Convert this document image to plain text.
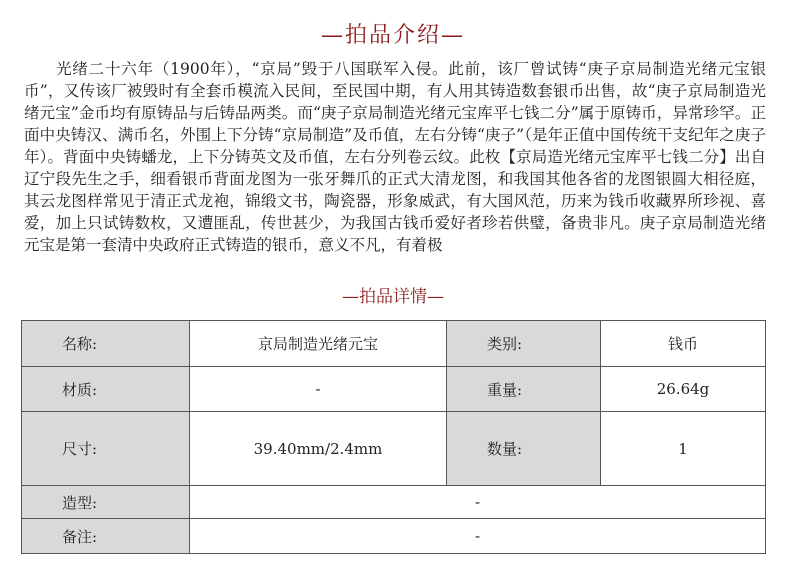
—拍品介绍—
光绪二十六年（1900年），“京局”毁于八国联军入侵。此前，该厂曾试铸“庚子京局制造光绪元宝银币”，又传该厂被毁时有全套币模流入民间，至民国中期，有人用其铸造数套银币出售，故“庚子京局制造光绪元宝”金币均有原铸品与后铸品两类。而“庚子京局制造光绪元宝库平七钱二分”属于原铸币，异常珍罕。正面中央铸汉、满币名，外围上下分铸“京局制造”及币值，左右分铸“庚子”（是年正值中国传统干支纪年之庚子年）。背面中央铸蟠龙，上下分铸英文及币值，左右分列卷云纹。此枚【京局造光绪元宝库平七钱二分】出自辽宁段先生之手，细看银币背面龙图为一张牙舞爪的正式大清龙图，和我国其他各省的龙图银圆大相径庭，其云龙图样常见于清正式龙袍，锦缎文书，陶瓷器，形象威武，有大国风范，历来为钱币收藏界所珍视、喜爱，加上只试铸数枚，又遭匪乱，传世甚少，为我国古钱币爱好者珍若供璧，备贵非凡。庚子京局制造光绪元宝是第一套清中央政府正式铸造的银币，意义不凡，有着极
—拍品详情—
名称:	京局制造光绪元宝	类别:	钱币
材质:	-	重量:	26.64g
尺寸:	39.40mm/2.4mm	数量:	1
造型:	-		
备注:	-		
